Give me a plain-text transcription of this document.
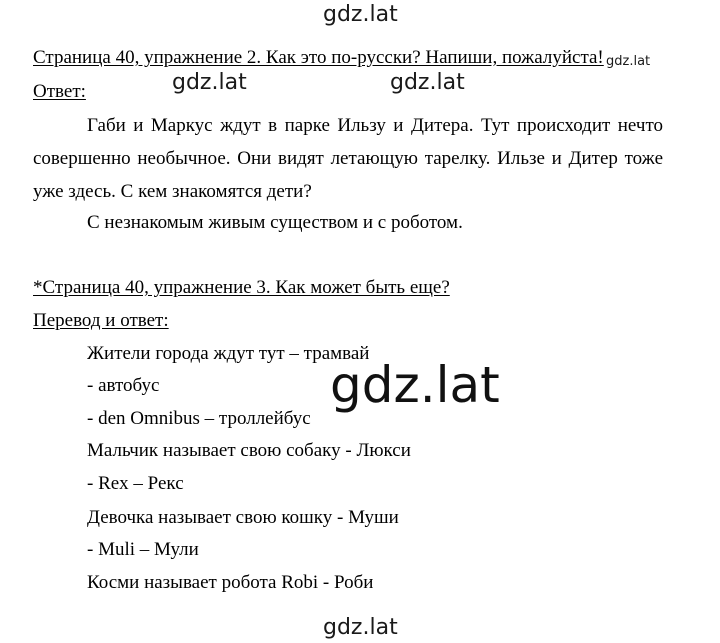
gdz.lat
Страница 40, упражнение 2. Как это по-русски? Напиши, пожалуйста! gdz.lat
Ответ:	gdz.lat	gdz.lat
Габи и Маркус ждут в парке Ильзу и Дитера. Тут происходит нечто совершенно необычное. Они видят летающую тарелку. Ильзе и Дитер тоже уже здесь. С кем знакомятся дети?
С незнакомым живым существом и с роботом.
*Страница 40, упражнение 3. Как может быть еще?
Перевод и ответ:
Жители города ждут тут – трамвай
- автобус
- den Omnibus – троллейбус
Мальчик называет свою собаку - Люкси
- Rex – Рекс
Девочка называет свою кошку - Муши
- Muli – Мули
Косми называет робота Robi - Роби
gdz.lat
gdz.lat
